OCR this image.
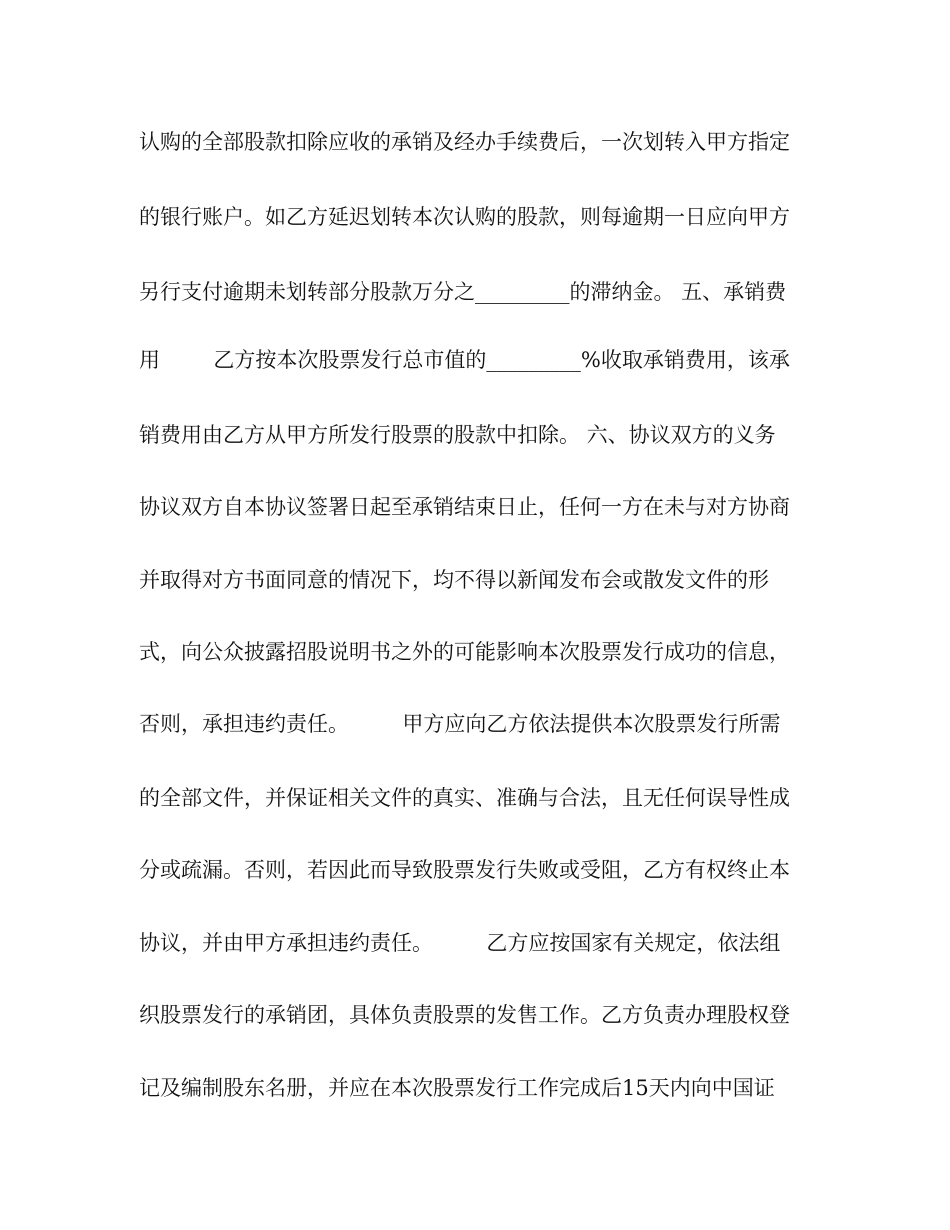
认购的全部股款扣除应收的承销及经办手续费后，一次划转入甲方指定
的银行账户。如乙方延迟划转本次认购的股款，则每逾期一日应向甲方
另行支付逾期未划转部分股款万分之_________的滞纳金。 五、承销费
用        乙方按本次股票发行总市值的_________%收取承销费用，该承
销费用由乙方从甲方所发行股票的股款中扣除。 六、协议双方的义务
协议双方自本协议签署日起至承销结束日止，任何一方在未与对方协商
并取得对方书面同意的情况下，均不得以新闻发布会或散发文件的形
式，向公众披露招股说明书之外的可能影响本次股票发行成功的信息，
否则，承担违约责任。        甲方应向乙方依法提供本次股票发行所需
的全部文件，并保证相关文件的真实、准确与合法，且无任何误导性成
分或疏漏。否则，若因此而导致股票发行失败或受阻，乙方有权终止本
协议，并由甲方承担违约责任。        乙方应按国家有关规定，依法组
织股票发行的承销团，具体负责股票的发售工作。乙方负责办理股权登
记及编制股东名册，并应在本次股票发行工作完成后15天内向中国证
